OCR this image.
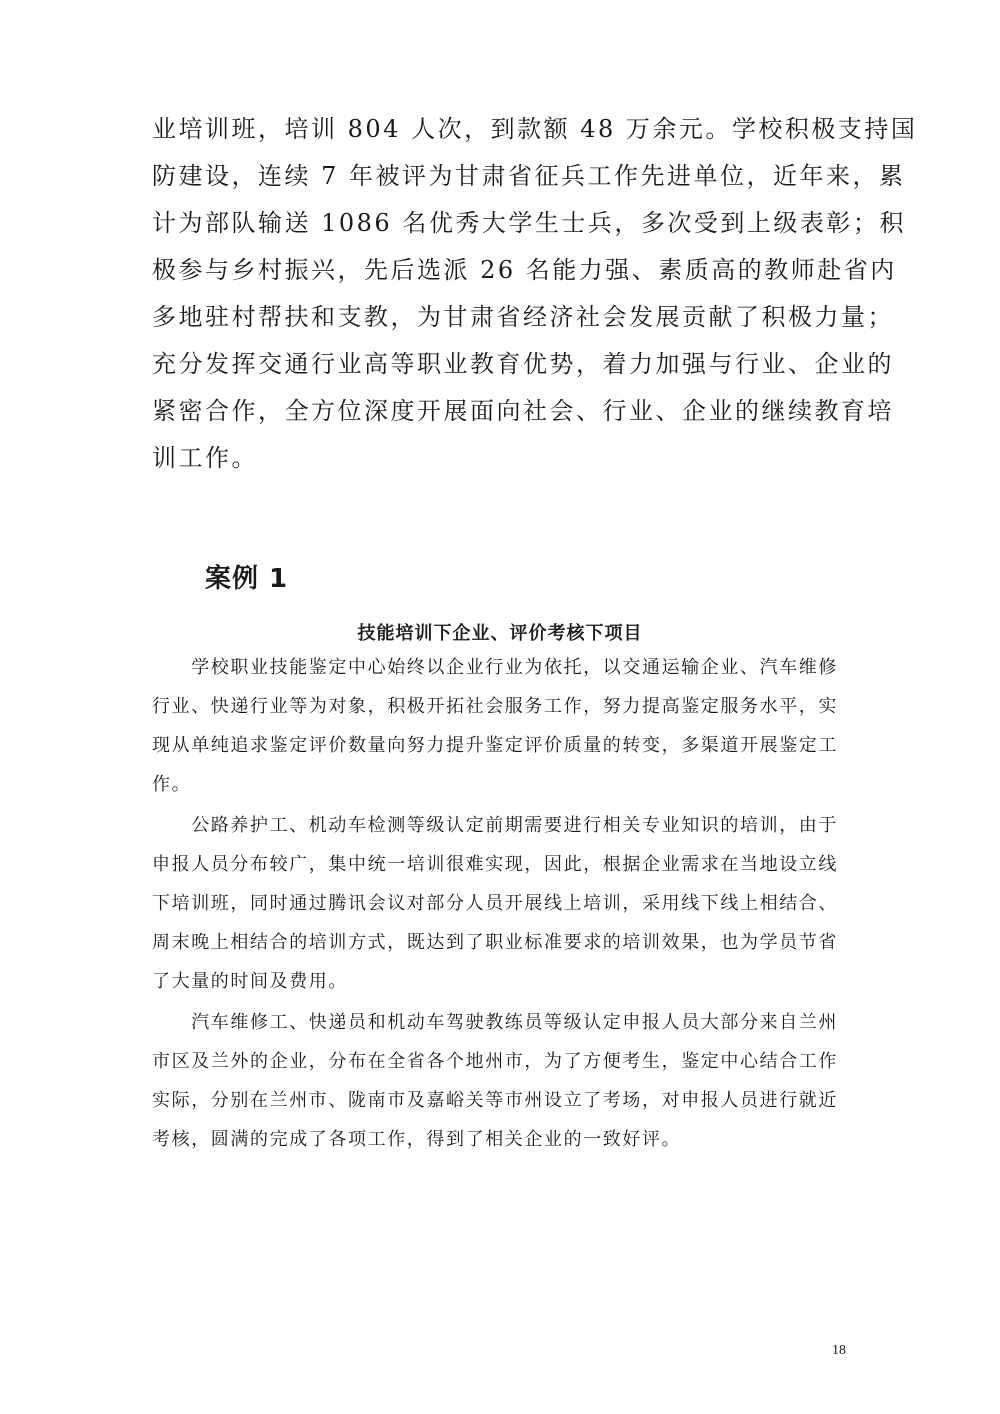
业培训班，培训 804 人次，到款额 48 万余元。学校积极支持国
防建设，连续 7 年被评为甘肃省征兵工作先进单位，近年来，累
计为部队输送 1086 名优秀大学生士兵，多次受到上级表彰；积
极参与乡村振兴，先后选派 26 名能力强、素质高的教师赴省内
多地驻村帮扶和支教，为甘肃省经济社会发展贡献了积极力量；
充分发挥交通行业高等职业教育优势，着力加强与行业、企业的
紧密合作，全方位深度开展面向社会、行业、企业的继续教育培
训工作。
案例 1
技能培训下企业、评价考核下项目
　　学校职业技能鉴定中心始终以企业行业为依托，以交通运输企业、汽车维修
行业、快递行业等为对象，积极开拓社会服务工作，努力提高鉴定服务水平，实
现从单纯追求鉴定评价数量向努力提升鉴定评价质量的转变，多渠道开展鉴定工
作。
　　公路养护工、机动车检测等级认定前期需要进行相关专业知识的培训，由于
申报人员分布较广，集中统一培训很难实现，因此，根据企业需求在当地设立线
下培训班，同时通过腾讯会议对部分人员开展线上培训，采用线下线上相结合、
周末晚上相结合的培训方式，既达到了职业标准要求的培训效果，也为学员节省
了大量的时间及费用。
　　汽车维修工、快递员和机动车驾驶教练员等级认定申报人员大部分来自兰州
市区及兰外的企业，分布在全省各个地州市，为了方便考生，鉴定中心结合工作
实际，分别在兰州市、陇南市及嘉峪关等市州设立了考场，对申报人员进行就近
考核，圆满的完成了各项工作，得到了相关企业的一致好评。
18
